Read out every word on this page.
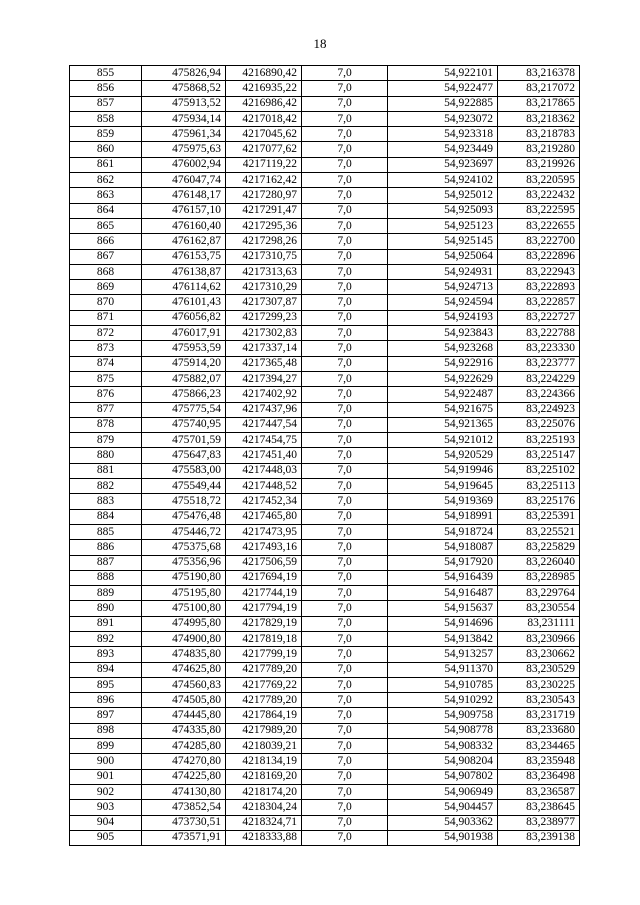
18
855	475826,94	4216890,42	7,0	54,922101	83,216378
856	475868,52	4216935,22	7,0	54,922477	83,217072
857	475913,52	4216986,42	7,0	54,922885	83,217865
858	475934,14	4217018,42	7,0	54,923072	83,218362
859	475961,34	4217045,62	7,0	54,923318	83,218783
860	475975,63	4217077,62	7,0	54,923449	83,219280
861	476002,94	4217119,22	7,0	54,923697	83,219926
862	476047,74	4217162,42	7,0	54,924102	83,220595
863	476148,17	4217280,97	7,0	54,925012	83,222432
864	476157,10	4217291,47	7,0	54,925093	83,222595
865	476160,40	4217295,36	7,0	54,925123	83,222655
866	476162,87	4217298,26	7,0	54,925145	83,222700
867	476153,75	4217310,75	7,0	54,925064	83,222896
868	476138,87	4217313,63	7,0	54,924931	83,222943
869	476114,62	4217310,29	7,0	54,924713	83,222893
870	476101,43	4217307,87	7,0	54,924594	83,222857
871	476056,82	4217299,23	7,0	54,924193	83,222727
872	476017,91	4217302,83	7,0	54,923843	83,222788
873	475953,59	4217337,14	7,0	54,923268	83,223330
874	475914,20	4217365,48	7,0	54,922916	83,223777
875	475882,07	4217394,27	7,0	54,922629	83,224229
876	475866,23	4217402,92	7,0	54,922487	83,224366
877	475775,54	4217437,96	7,0	54,921675	83,224923
878	475740,95	4217447,54	7,0	54,921365	83,225076
879	475701,59	4217454,75	7,0	54,921012	83,225193
880	475647,83	4217451,40	7,0	54,920529	83,225147
881	475583,00	4217448,03	7,0	54,919946	83,225102
882	475549,44	4217448,52	7,0	54,919645	83,225113
883	475518,72	4217452,34	7,0	54,919369	83,225176
884	475476,48	4217465,80	7,0	54,918991	83,225391
885	475446,72	4217473,95	7,0	54,918724	83,225521
886	475375,68	4217493,16	7,0	54,918087	83,225829
887	475356,96	4217506,59	7,0	54,917920	83,226040
888	475190,80	4217694,19	7,0	54,916439	83,228985
889	475195,80	4217744,19	7,0	54,916487	83,229764
890	475100,80	4217794,19	7,0	54,915637	83,230554
891	474995,80	4217829,19	7,0	54,914696	83,231111
892	474900,80	4217819,18	7,0	54,913842	83,230966
893	474835,80	4217799,19	7,0	54,913257	83,230662
894	474625,80	4217789,20	7,0	54,911370	83,230529
895	474560,83	4217769,22	7,0	54,910785	83,230225
896	474505,80	4217789,20	7,0	54,910292	83,230543
897	474445,80	4217864,19	7,0	54,909758	83,231719
898	474335,80	4217989,20	7,0	54,908778	83,233680
899	474285,80	4218039,21	7,0	54,908332	83,234465
900	474270,80	4218134,19	7,0	54,908204	83,235948
901	474225,80	4218169,20	7,0	54,907802	83,236498
902	474130,80	4218174,20	7,0	54,906949	83,236587
903	473852,54	4218304,24	7,0	54,904457	83,238645
904	473730,51	4218324,71	7,0	54,903362	83,238977
905	473571,91	4218333,88	7,0	54,901938	83,239138
